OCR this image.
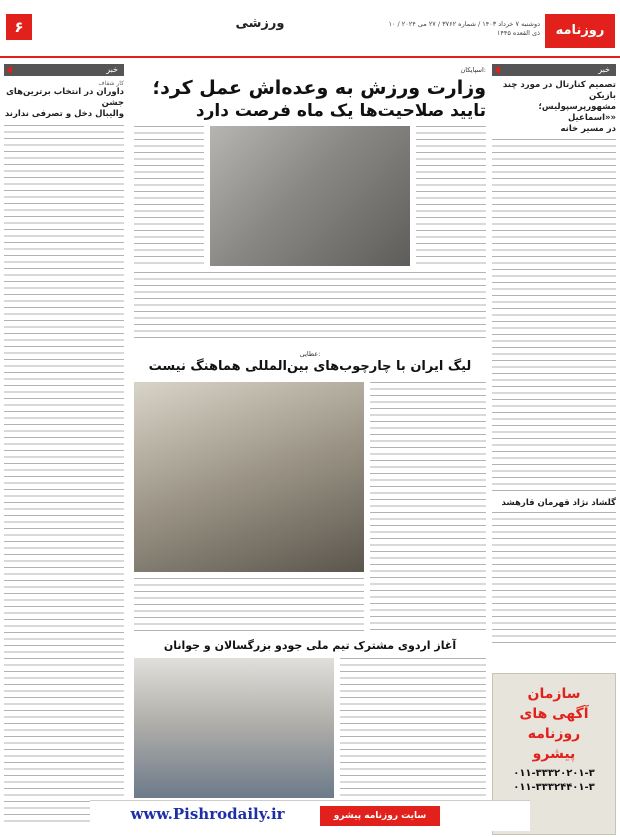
۶	ورزشی	دوشنبه ۷ خرداد ۱۴۰۳ / شماره ۳۷۶۲ / ۲۷ می ۲۰۲۴ / ۱۰ ذی القعده ۱۴۴۵	روزنامه
خبر
تصمیم کنارتال در مورد چند بازیکن
مشهورپرسپولیس؛ «اسماعیل»
در مسیر خانه
گلشاد نژاد قهرمان قارهشد
سازمان
آگهی های
روزنامه
پیشرو
۰۱۱-۳۳۳۲۰۲۰۱-۳
۰۱۱-۳۳۳۲۴۴۰۱-۳
خبر
کار شفاف
داوران در انتخاب برترین‌های جشن
والیبال دخل و تصرفی ندارند
اسپایکان:
وزارت ورزش به وعده‌اش عمل کرد؛
تایید صلاحیت‌ها یک ماه فرصت دارد
عطایی:
لیگ ایران با چارچوب‌های بین‌المللی هماهنگ نیست
آغاز اردوی مشترک تیم ملی جودو بزرگسالان و جوانان
سایت روزنامه پیشرو
www.Pishrodaily.ir
